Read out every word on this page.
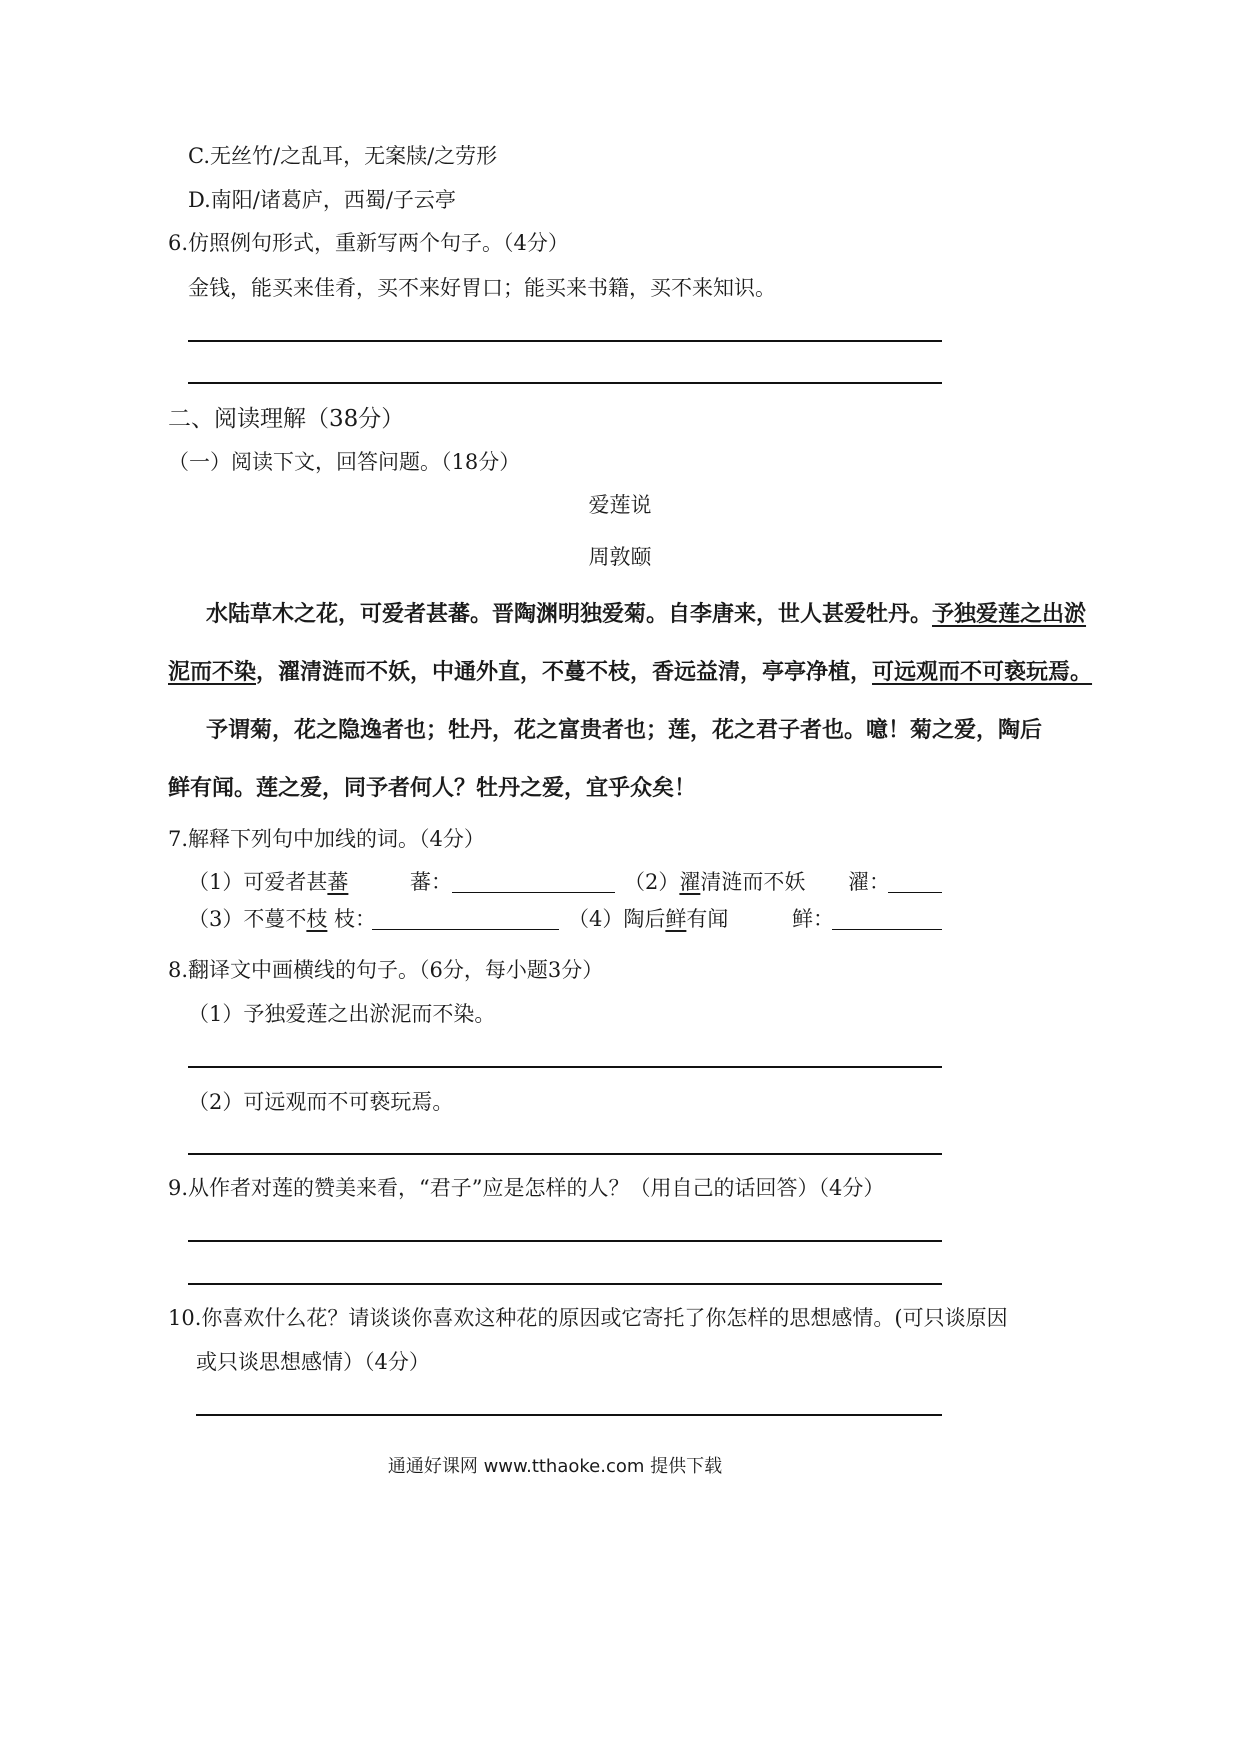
C.无丝竹/之乱耳，无案牍/之劳形
D.南阳/诸葛庐，西蜀/子云亭
6.仿照例句形式，重新写两个句子。（4分）
金钱，能买来佳肴，买不来好胃口；能买来书籍，买不来知识。
二、阅读理解（38分）
（一）阅读下文，回答问题。（18分）
爱莲说
周敦颐
水陆草木之花，可爱者甚蕃。晋陶渊明独爱菊。自李唐来，世人甚爱牡丹。予独爱莲之出淤
泥而不染，濯清涟而不妖，中通外直，不蔓不枝，香远益清，亭亭净植，可远观而不可亵玩焉。
予谓菊，花之隐逸者也；牡丹，花之富贵者也；莲，花之君子者也。噫！菊之爱，陶后
鲜有闻。莲之爱，同予者何人？牡丹之爱，宜乎众矣！
7.解释下列句中加线的词。（4分）
（1）可爱者甚蕃	蕃：	（2）濯清涟而不妖 濯：
（3）不蔓不枝 枝：	（4）陶后鲜有闻	鲜：
8.翻译文中画横线的句子。（6分，每小题3分）
（1）予独爱莲之出淤泥而不染。
（2）可远观而不可亵玩焉。
9.从作者对莲的赞美来看，“君子”应是怎样的人？（用自己的话回答）（4分）
10.你喜欢什么花？请谈谈你喜欢这种花的原因或它寄托了你怎样的思想感情。(可只谈原因
或只谈思想感情）（4分）
通通好课网 www.tthaoke.com 提供下载
